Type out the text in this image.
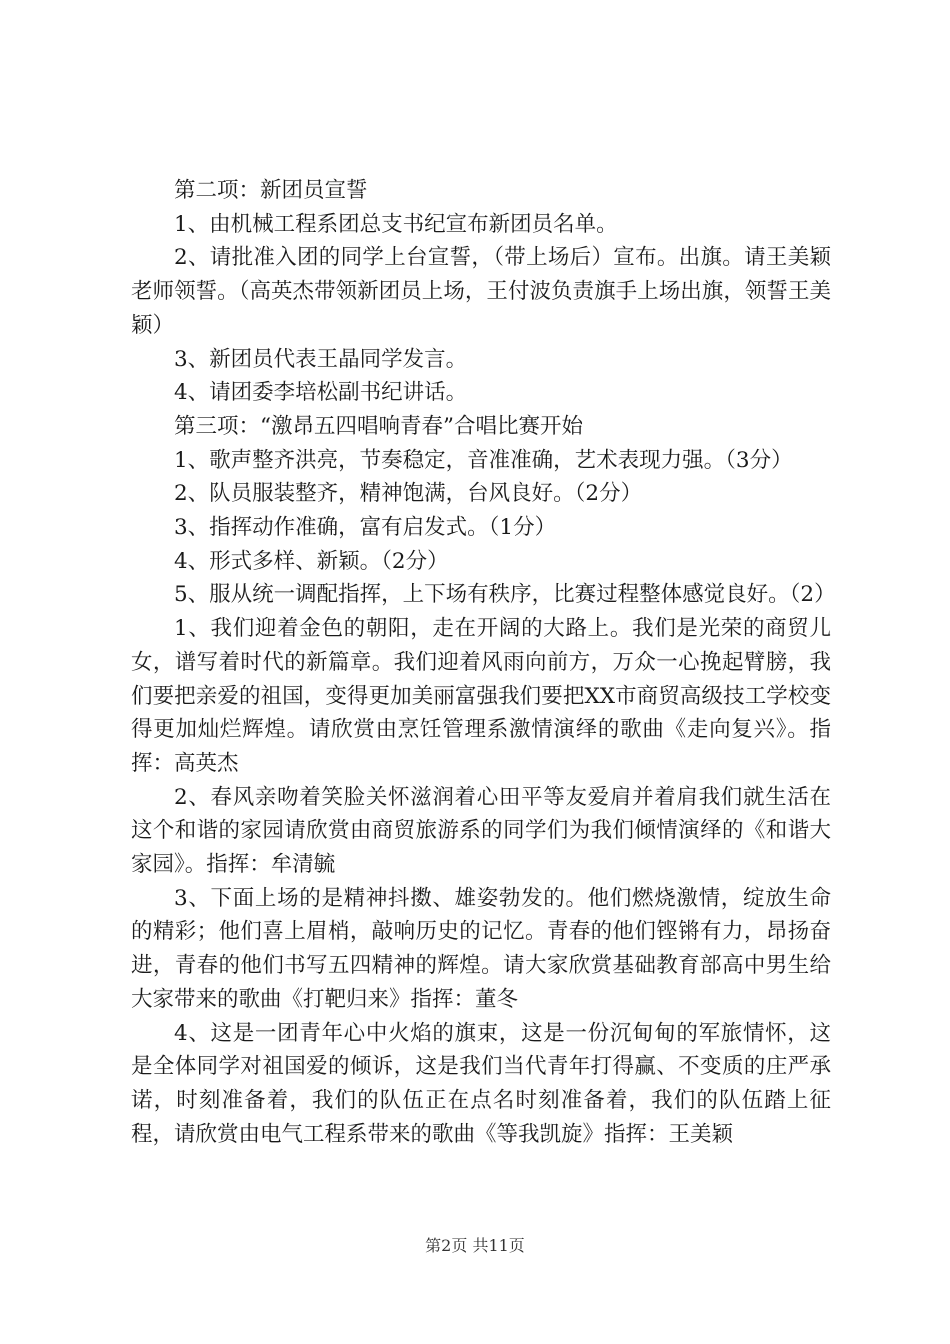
第二项：新团员宣誓

1、由机械工程系团总支书纪宣布新团员名单。

2、请批准入团的同学上台宣誓，（带上场后）宣布。出旗。请王美颖老师领誓。（高英杰带领新团员上场，王付波负责旗手上场出旗，领誓王美颖）

3、新团员代表王晶同学发言。

4、请团委李培松副书纪讲话。

第三项：“激昂五四唱响青春”合唱比赛开始

1、歌声整齐洪亮，节奏稳定，音准准确，艺术表现力强。（3分）

2、队员服装整齐，精神饱满，台风良好。（2分）

3、指挥动作准确，富有启发式。（1分）

4、形式多样、新颖。（2分）

5、服从统一调配指挥，上下场有秩序，比赛过程整体感觉良好。（2）

1、我们迎着金色的朝阳，走在开阔的大路上。我们是光荣的商贸儿女，谱写着时代的新篇章。我们迎着风雨向前方，万众一心挽起臂膀，我们要把亲爱的祖国，变得更加美丽富强我们要把XX市商贸高级技工学校变得更加灿烂辉煌。请欣赏由烹饪管理系激情演绎的歌曲《走向复兴》。指挥：高英杰

2、春风亲吻着笑脸关怀滋润着心田平等友爱肩并着肩我们就生活在这个和谐的家园请欣赏由商贸旅游系的同学们为我们倾情演绎的《和谐大家园》。指挥：牟清毓

3、下面上场的是精神抖擞、雄姿勃发的。他们燃烧激情，绽放生命的精彩；他们喜上眉梢，敲响历史的记忆。青春的他们铿锵有力，昂扬奋进，青春的他们书写五四精神的辉煌。请大家欣赏基础教育部高中男生给大家带来的歌曲《打靶归来》指挥：董冬

4、这是一团青年心中火焰的旗束，这是一份沉甸甸的军旅情怀，这是全体同学对祖国爱的倾诉，这是我们当代青年打得赢、不变质的庄严承诺，时刻准备着，我们的队伍正在点名时刻准备着，我们的队伍踏上征程，请欣赏由电气工程系带来的歌曲《等我凯旋》指挥：王美颖

第2页 共11页
